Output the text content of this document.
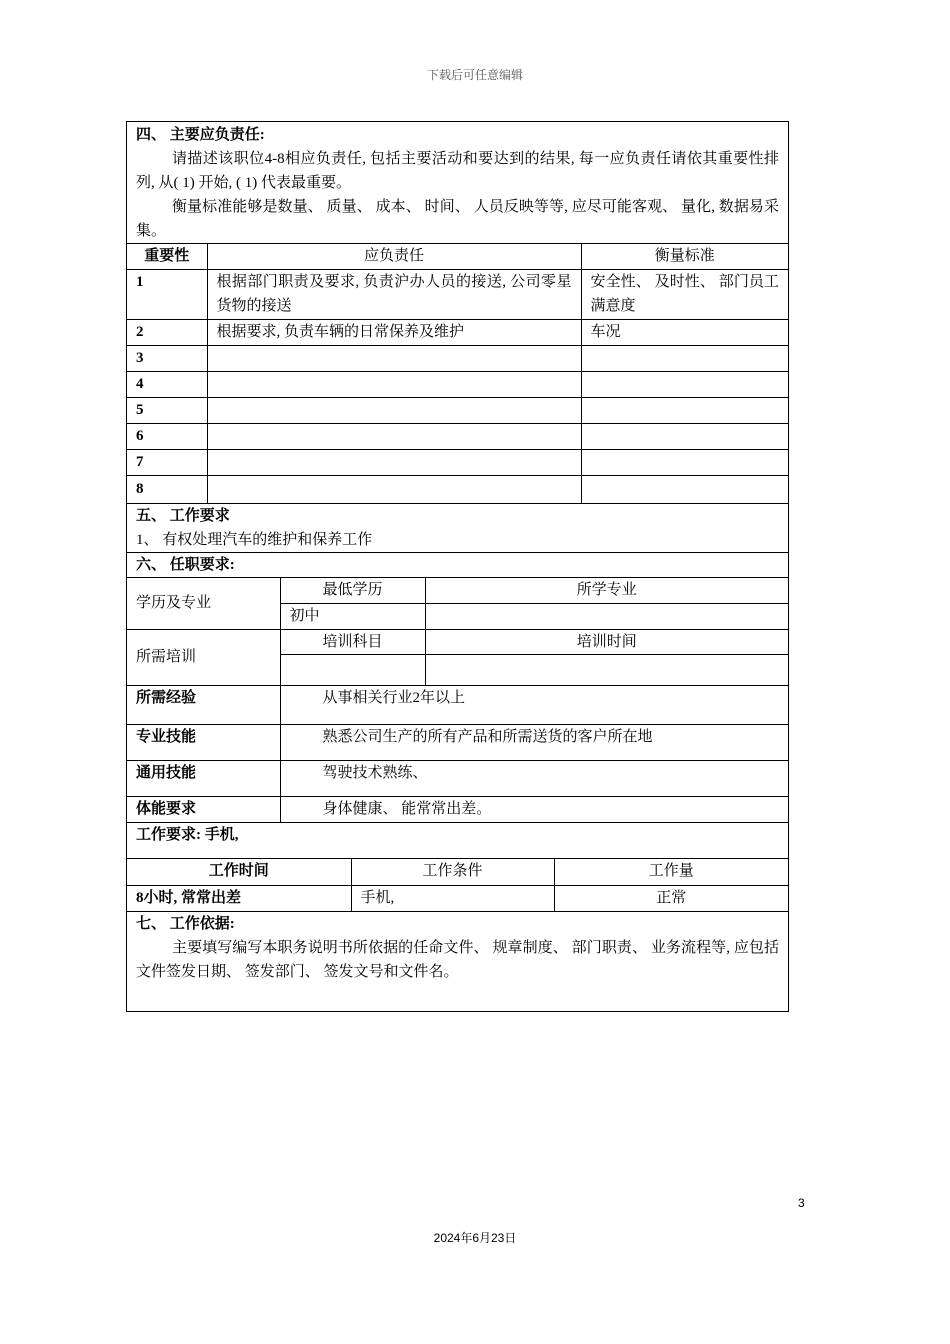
下载后可任意编辑

四、 主要应负责任:

请描述该职位4-8相应负责任, 包括主要活动和要达到的结果, 每一应负责任请依其重要性排列, 从( 1) 开始, ( 1) 代表最重要。

衡量标准能够是数量、 质量、 成本、 时间、 人员反映等等, 应尽可能客观、 量化, 数据易采集。

重要性	应负责任	衡量标准
1	根据部门职责及要求, 负责沪办人员的接送, 公司零星货物的接送	安全性、 及时性、 部门员工满意度
2	根据要求, 负责车辆的日常保养及维护	车况
3		
4		
5		
6		
7		
8		

五、 工作要求

1、 有权处理汽车的维护和保养工作

六、 任职要求:

学历及专业	最低学历	所学专业
	初中	
所需培训	培训科目	培训时间

所需经验	从事相关行业2年以上	
专业技能	熟悉公司生产的所有产品和所需送货的客户所在地	
通用技能	驾驶技术熟练、	
体能要求	身体健康、 能常常出差。	

工作要求: 手机,

工作时间	工作条件	工作量
8小时, 常常出差	手机,	正常

七、 工作依据:

主要填写编写本职务说明书所依据的任命文件、 规章制度、 部门职责、 业务流程等, 应包括文件签发日期、 签发部门、 签发文号和文件名。

3
2024年6月23日
